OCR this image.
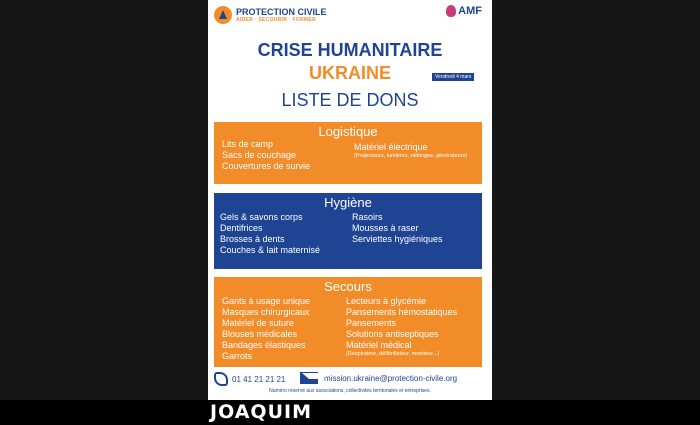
PROTECTION CIVILE
AIDER · SECOURIR · FORMER
AMF
CRISE HUMANITAIRE
UKRAINE	Vendredi 4 mars
LISTE DE DONS
Logistique
Lits de camp
Sacs de couchage
Couvertures de survie
Matériel électrique
(Projecteurs, lumières, rallonges, générateurs)
Hygiène
Gels & savons corps
Dentifrices
Brosses à dents
Couches & lait maternisé
Rasoirs
Mousses à raser
Serviettes hygiéniques
Secours
Gants à usage unique
Masques chirurgicaux
Matériel de suture
Blouses médicales
Bandages élastiques
Garrots
Lecteurs à glycémie
Pansements hémostatiques
Pansements
Solutions antiseptiques
Matériel médical
(Respirateur, défibrillateur, moniteur...)
01 41 21 21 21	mission.ukraine@protection-civile.org
Numéro réservé aux associations, collectivités territoriales et entreprises.
JOAQUIM
